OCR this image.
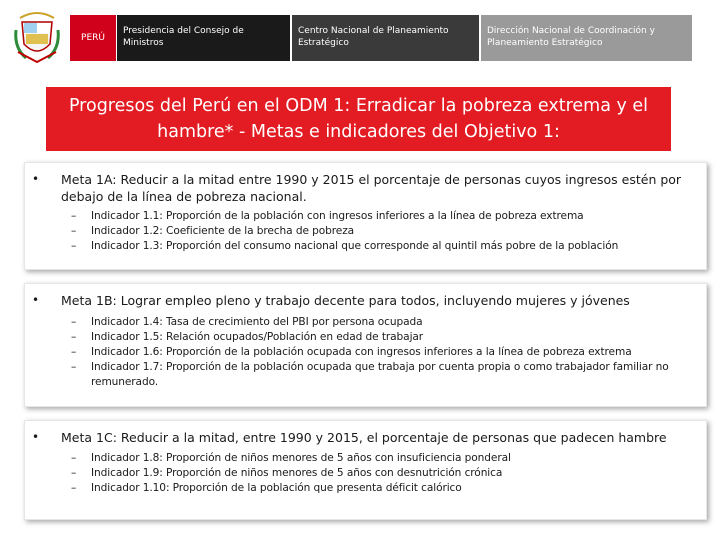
PERÚ
Presidencia del Consejo de Ministros
Centro Nacional de Planeamiento Estratégico
Dirección Nacional de Coordinación y Planeamiento Estratégico
Progresos del Perú en el ODM 1: Erradicar la pobreza extrema y el hambre* - Metas e indicadores del Objetivo 1:
• Meta 1A: Reducir a la mitad entre 1990 y 2015 el porcentaje de personas cuyos ingresos estén por debajo de la línea de pobreza nacional.
– Indicador 1.1: Proporción de la población con ingresos inferiores a la línea de pobreza extrema
– Indicador 1.2: Coeficiente de la brecha de pobreza
– Indicador 1.3: Proporción del consumo nacional que corresponde al quintil más pobre de la población
• Meta 1B: Lograr empleo pleno y trabajo decente para todos, incluyendo mujeres y jóvenes
– Indicador 1.4: Tasa de crecimiento del PBI por persona ocupada
– Indicador 1.5: Relación ocupados/Población en edad de trabajar
– Indicador 1.6: Proporción de la población ocupada con ingresos inferiores a la línea de pobreza extrema
– Indicador 1.7: Proporción de la población ocupada que trabaja por cuenta propia o como trabajador familiar no remunerado.
• Meta 1C: Reducir a la mitad, entre 1990 y 2015, el porcentaje de personas que padecen hambre
– Indicador 1.8: Proporción de niños menores de 5 años con insuficiencia ponderal
– Indicador 1.9: Proporción de niños menores de 5 años con desnutrición crónica
– Indicador 1.10: Proporción de la población que presenta déficit calórico
